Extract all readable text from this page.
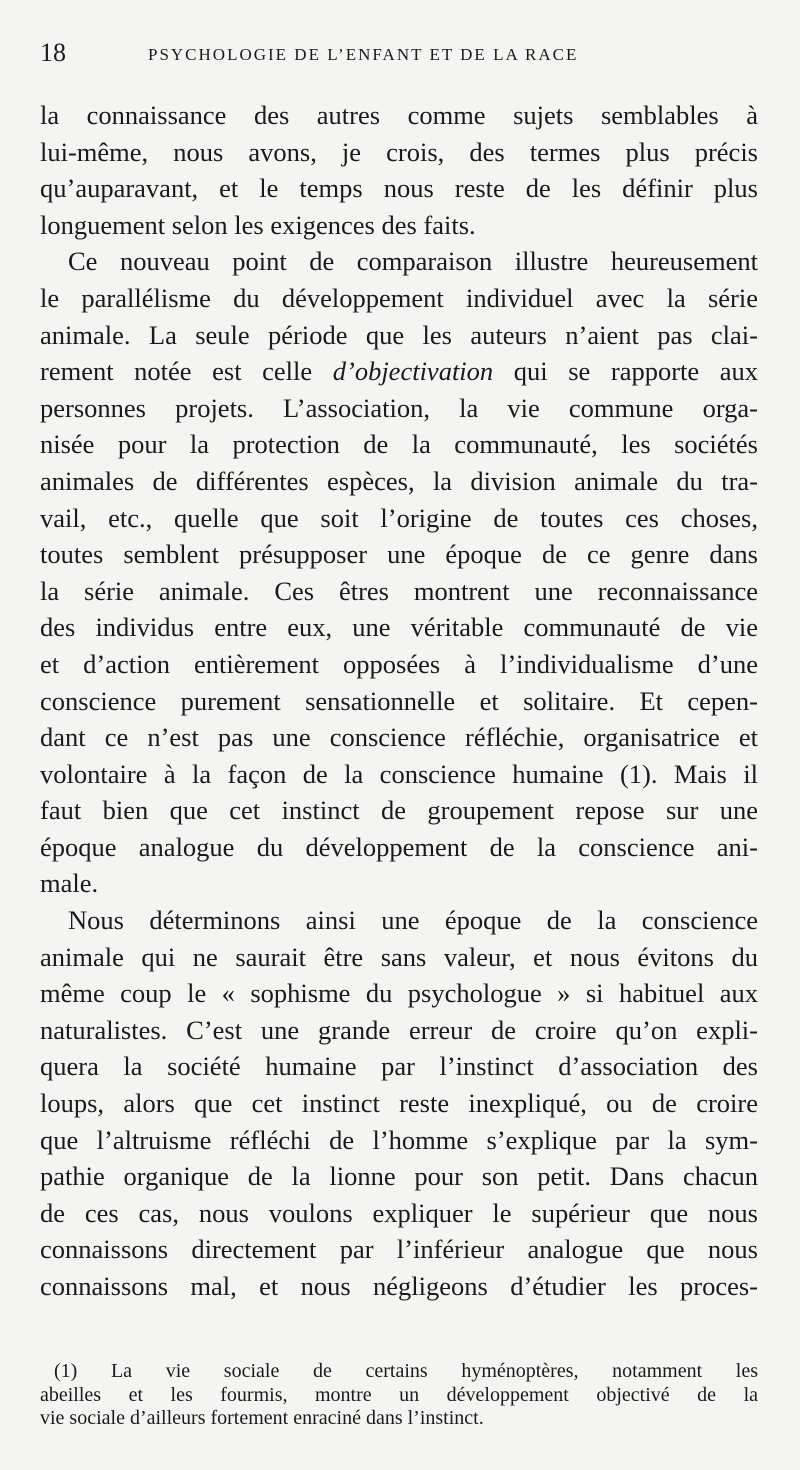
18	PSYCHOLOGIE DE L’ENFANT ET DE LA RACE
la connaissance des autres comme sujets semblables à
lui-même, nous avons, je crois, des termes plus précis
qu’auparavant, et le temps nous reste de les définir plus
longuement selon les exigences des faits.
Ce nouveau point de comparaison illustre heureusement
le parallélisme du développement individuel avec la série
animale. La seule période que les auteurs n’aient pas clai-
rement notée est celle d’objectivation qui se rapporte aux
personnes projets. L’association, la vie commune orga-
nisée pour la protection de la communauté, les sociétés
animales de différentes espèces, la division animale du tra-
vail, etc., quelle que soit l’origine de toutes ces choses,
toutes semblent présupposer une époque de ce genre dans
la série animale. Ces êtres montrent une reconnaissance
des individus entre eux, une véritable communauté de vie
et d’action entièrement opposées à l’individualisme d’une
conscience purement sensationnelle et solitaire. Et cepen-
dant ce n’est pas une conscience réfléchie, organisatrice et
volontaire à la façon de la conscience humaine (1). Mais il
faut bien que cet instinct de groupement repose sur une
époque analogue du développement de la conscience ani-
male.
Nous déterminons ainsi une époque de la conscience
animale qui ne saurait être sans valeur, et nous évitons du
même coup le « sophisme du psychologue » si habituel aux
naturalistes. C’est une grande erreur de croire qu’on expli-
quera la société humaine par l’instinct d’association des
loups, alors que cet instinct reste inexpliqué, ou de croire
que l’altruisme réfléchi de l’homme s’explique par la sym-
pathie organique de la lionne pour son petit. Dans chacun
de ces cas, nous voulons expliquer le supérieur que nous
connaissons directement par l’inférieur analogue que nous
connaissons mal, et nous négligeons d’étudier les proces-
(1) La vie sociale de certains hyménoptères, notamment les
abeilles et les fourmis, montre un développement objectivé de la
vie sociale d’ailleurs fortement enraciné dans l’instinct.
